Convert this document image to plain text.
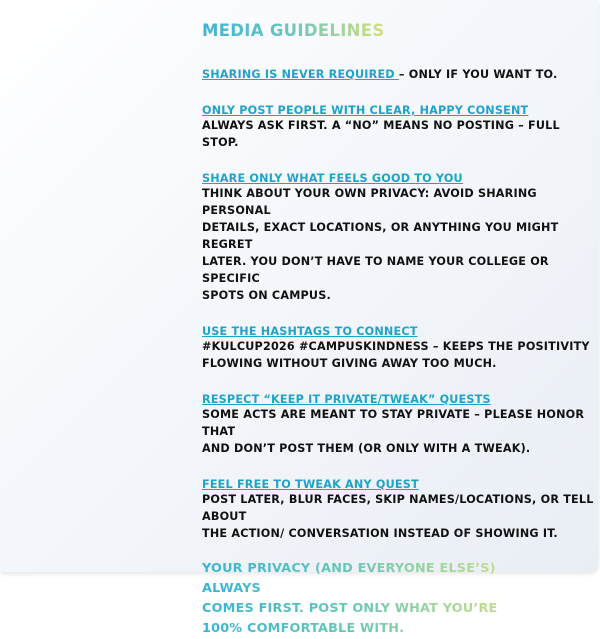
MEDIA GUIDELINES
SHARING IS NEVER REQUIRED – ONLY IF YOU WANT TO.
ONLY POST PEOPLE WITH CLEAR, HAPPY CONSENT
ALWAYS ASK FIRST. A “NO” MEANS NO POSTING – FULL STOP.
SHARE ONLY WHAT FEELS GOOD TO YOU
THINK ABOUT YOUR OWN PRIVACY: AVOID SHARING PERSONAL
DETAILS, EXACT LOCATIONS, OR ANYTHING YOU MIGHT REGRET
LATER. YOU DON’T HAVE TO NAME YOUR COLLEGE OR SPECIFIC
SPOTS ON CAMPUS.
USE THE HASHTAGS TO CONNECT
#KULCUP2026 #CAMPUSKINDNESS – KEEPS THE POSITIVITY
FLOWING WITHOUT GIVING AWAY TOO MUCH.
RESPECT “KEEP IT PRIVATE/TWEAK” QUESTS
SOME ACTS ARE MEANT TO STAY PRIVATE – PLEASE HONOR THAT
AND DON’T POST THEM (OR ONLY WITH A TWEAK).
FEEL FREE TO TWEAK ANY QUEST
POST LATER, BLUR FACES, SKIP NAMES/LOCATIONS, OR TELL ABOUT
THE ACTION/ CONVERSATION INSTEAD OF SHOWING IT.
YOUR PRIVACY (AND EVERYONE ELSE’S) ALWAYS
COMES FIRST. POST ONLY WHAT YOU’RE
100% COMFORTABLE WITH.
